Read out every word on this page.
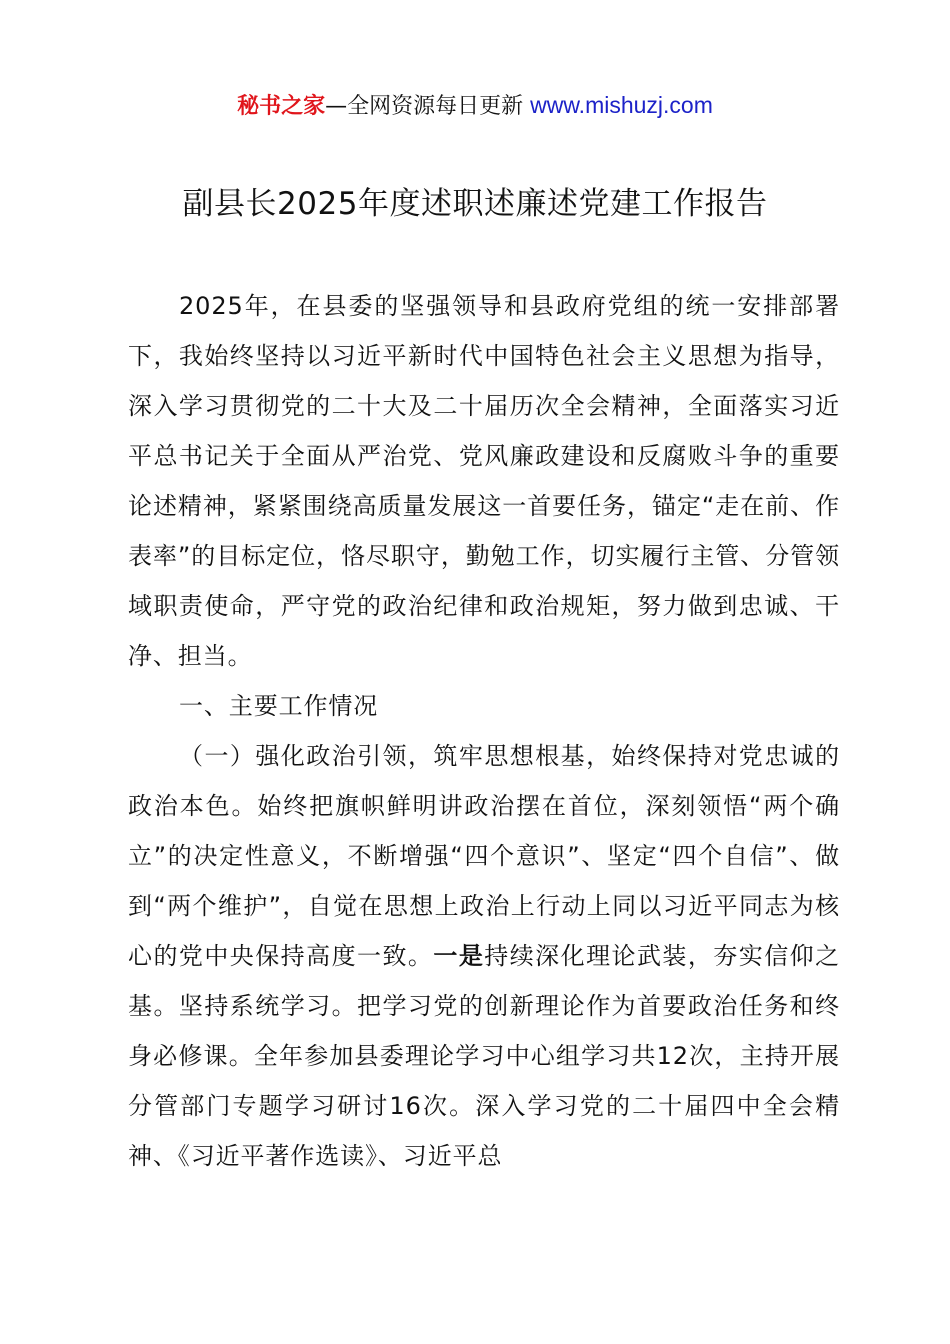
秘书之家—全网资源每日更新 www.mishuzj.com
副县长2025年度述职述廉述党建工作报告

2025年，在县委的坚强领导和县政府党组的统一安排部署下，我始终坚持以习近平新时代中国特色社会主义思想为指导，深入学习贯彻党的二十大及二十届历次全会精神，全面落实习近平总书记关于全面从严治党、党风廉政建设和反腐败斗争的重要论述精神，紧紧围绕高质量发展这一首要任务，锚定“走在前、作表率”的目标定位，恪尽职守，勤勉工作，切实履行主管、分管领域职责使命，严守党的政治纪律和政治规矩，努力做到忠诚、干净、担当。

一、主要工作情况

（一）强化政治引领，筑牢思想根基，始终保持对党忠诚的政治本色。始终把旗帜鲜明讲政治摆在首位，深刻领悟“两个确立”的决定性意义，不断增强“四个意识”、坚定“四个自信”、做到“两个维护”，自觉在思想上政治上行动上同以习近平同志为核心的党中央保持高度一致。一是持续深化理论武装，夯实信仰之基。坚持系统学习。把学习党的创新理论作为首要政治任务和终身必修课。全年参加县委理论学习中心组学习共12次，主持开展分管部门专题学习研讨16次。深入学习党的二十届四中全会精神、《习近平著作选读》、习近平总
